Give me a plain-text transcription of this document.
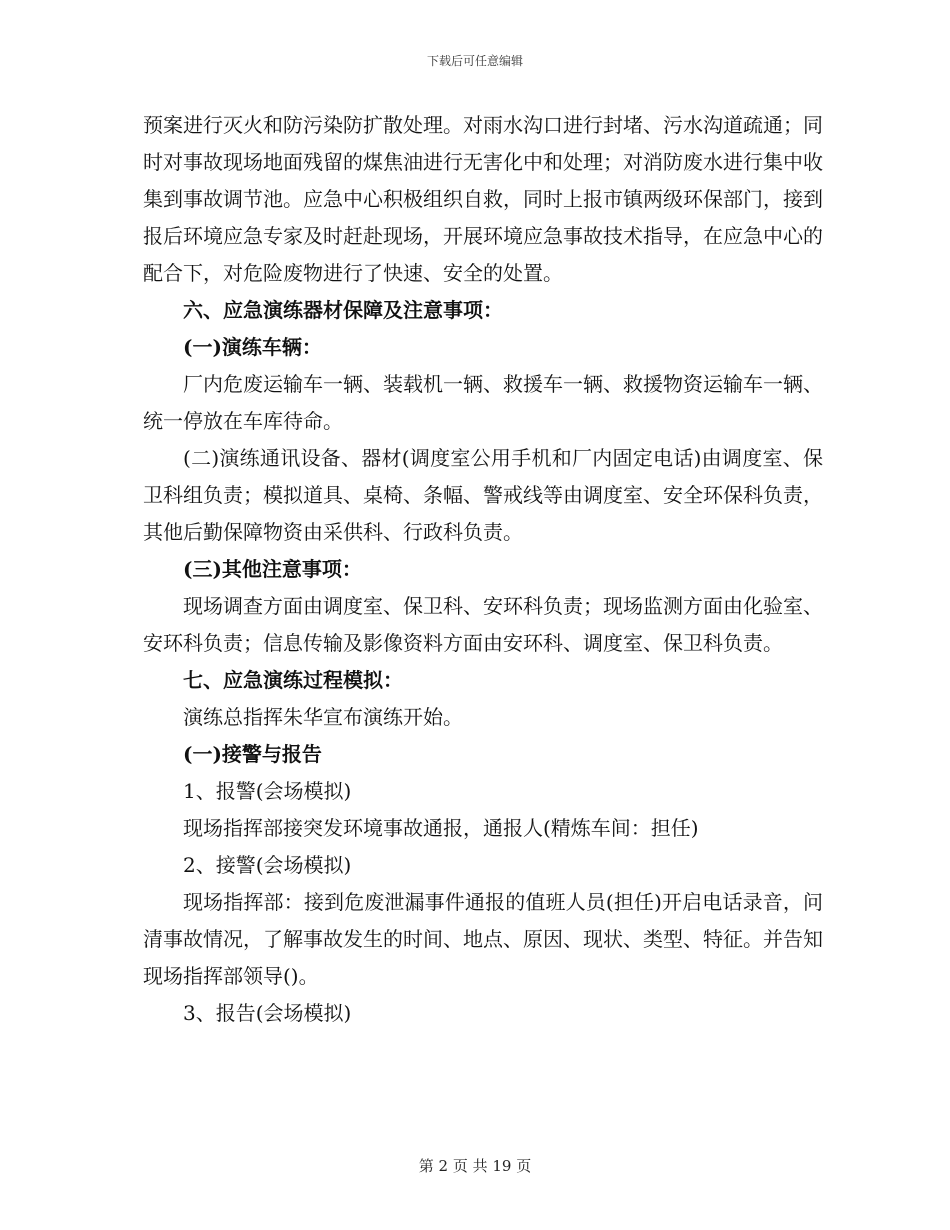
下载后可任意编辑

预案进行灭火和防污染防扩散处理。对雨水沟口进行封堵、污水沟道疏通；同时对事故现场地面残留的煤焦油进行无害化中和处理；对消防废水进行集中收集到事故调节池。应急中心积极组织自救，同时上报市镇两级环保部门，接到报后环境应急专家及时赶赴现场，开展环境应急事故技术指导，在应急中心的配合下，对危险废物进行了快速、安全的处置。

六、应急演练器材保障及注意事项：

(一)演练车辆：

厂内危废运输车一辆、装载机一辆、救援车一辆、救援物资运输车一辆、统一停放在车库待命。

(二)演练通讯设备、器材(调度室公用手机和厂内固定电话)由调度室、保卫科组负责；模拟道具、桌椅、条幅、警戒线等由调度室、安全环保科负责，其他后勤保障物资由采供科、行政科负责。

(三)其他注意事项：

现场调查方面由调度室、保卫科、安环科负责；现场监测方面由化验室、安环科负责；信息传输及影像资料方面由安环科、调度室、保卫科负责。

七、应急演练过程模拟：

演练总指挥朱华宣布演练开始。

(一)接警与报告

1、报警(会场模拟)

现场指挥部接突发环境事故通报，通报人(精炼车间：担任)

2、接警(会场模拟)

现场指挥部：接到危废泄漏事件通报的值班人员(担任)开启电话录音，问清事故情况，了解事故发生的时间、地点、原因、现状、类型、特征。并告知现场指挥部领导()。

3、报告(会场模拟)

第 2 页 共 19 页
